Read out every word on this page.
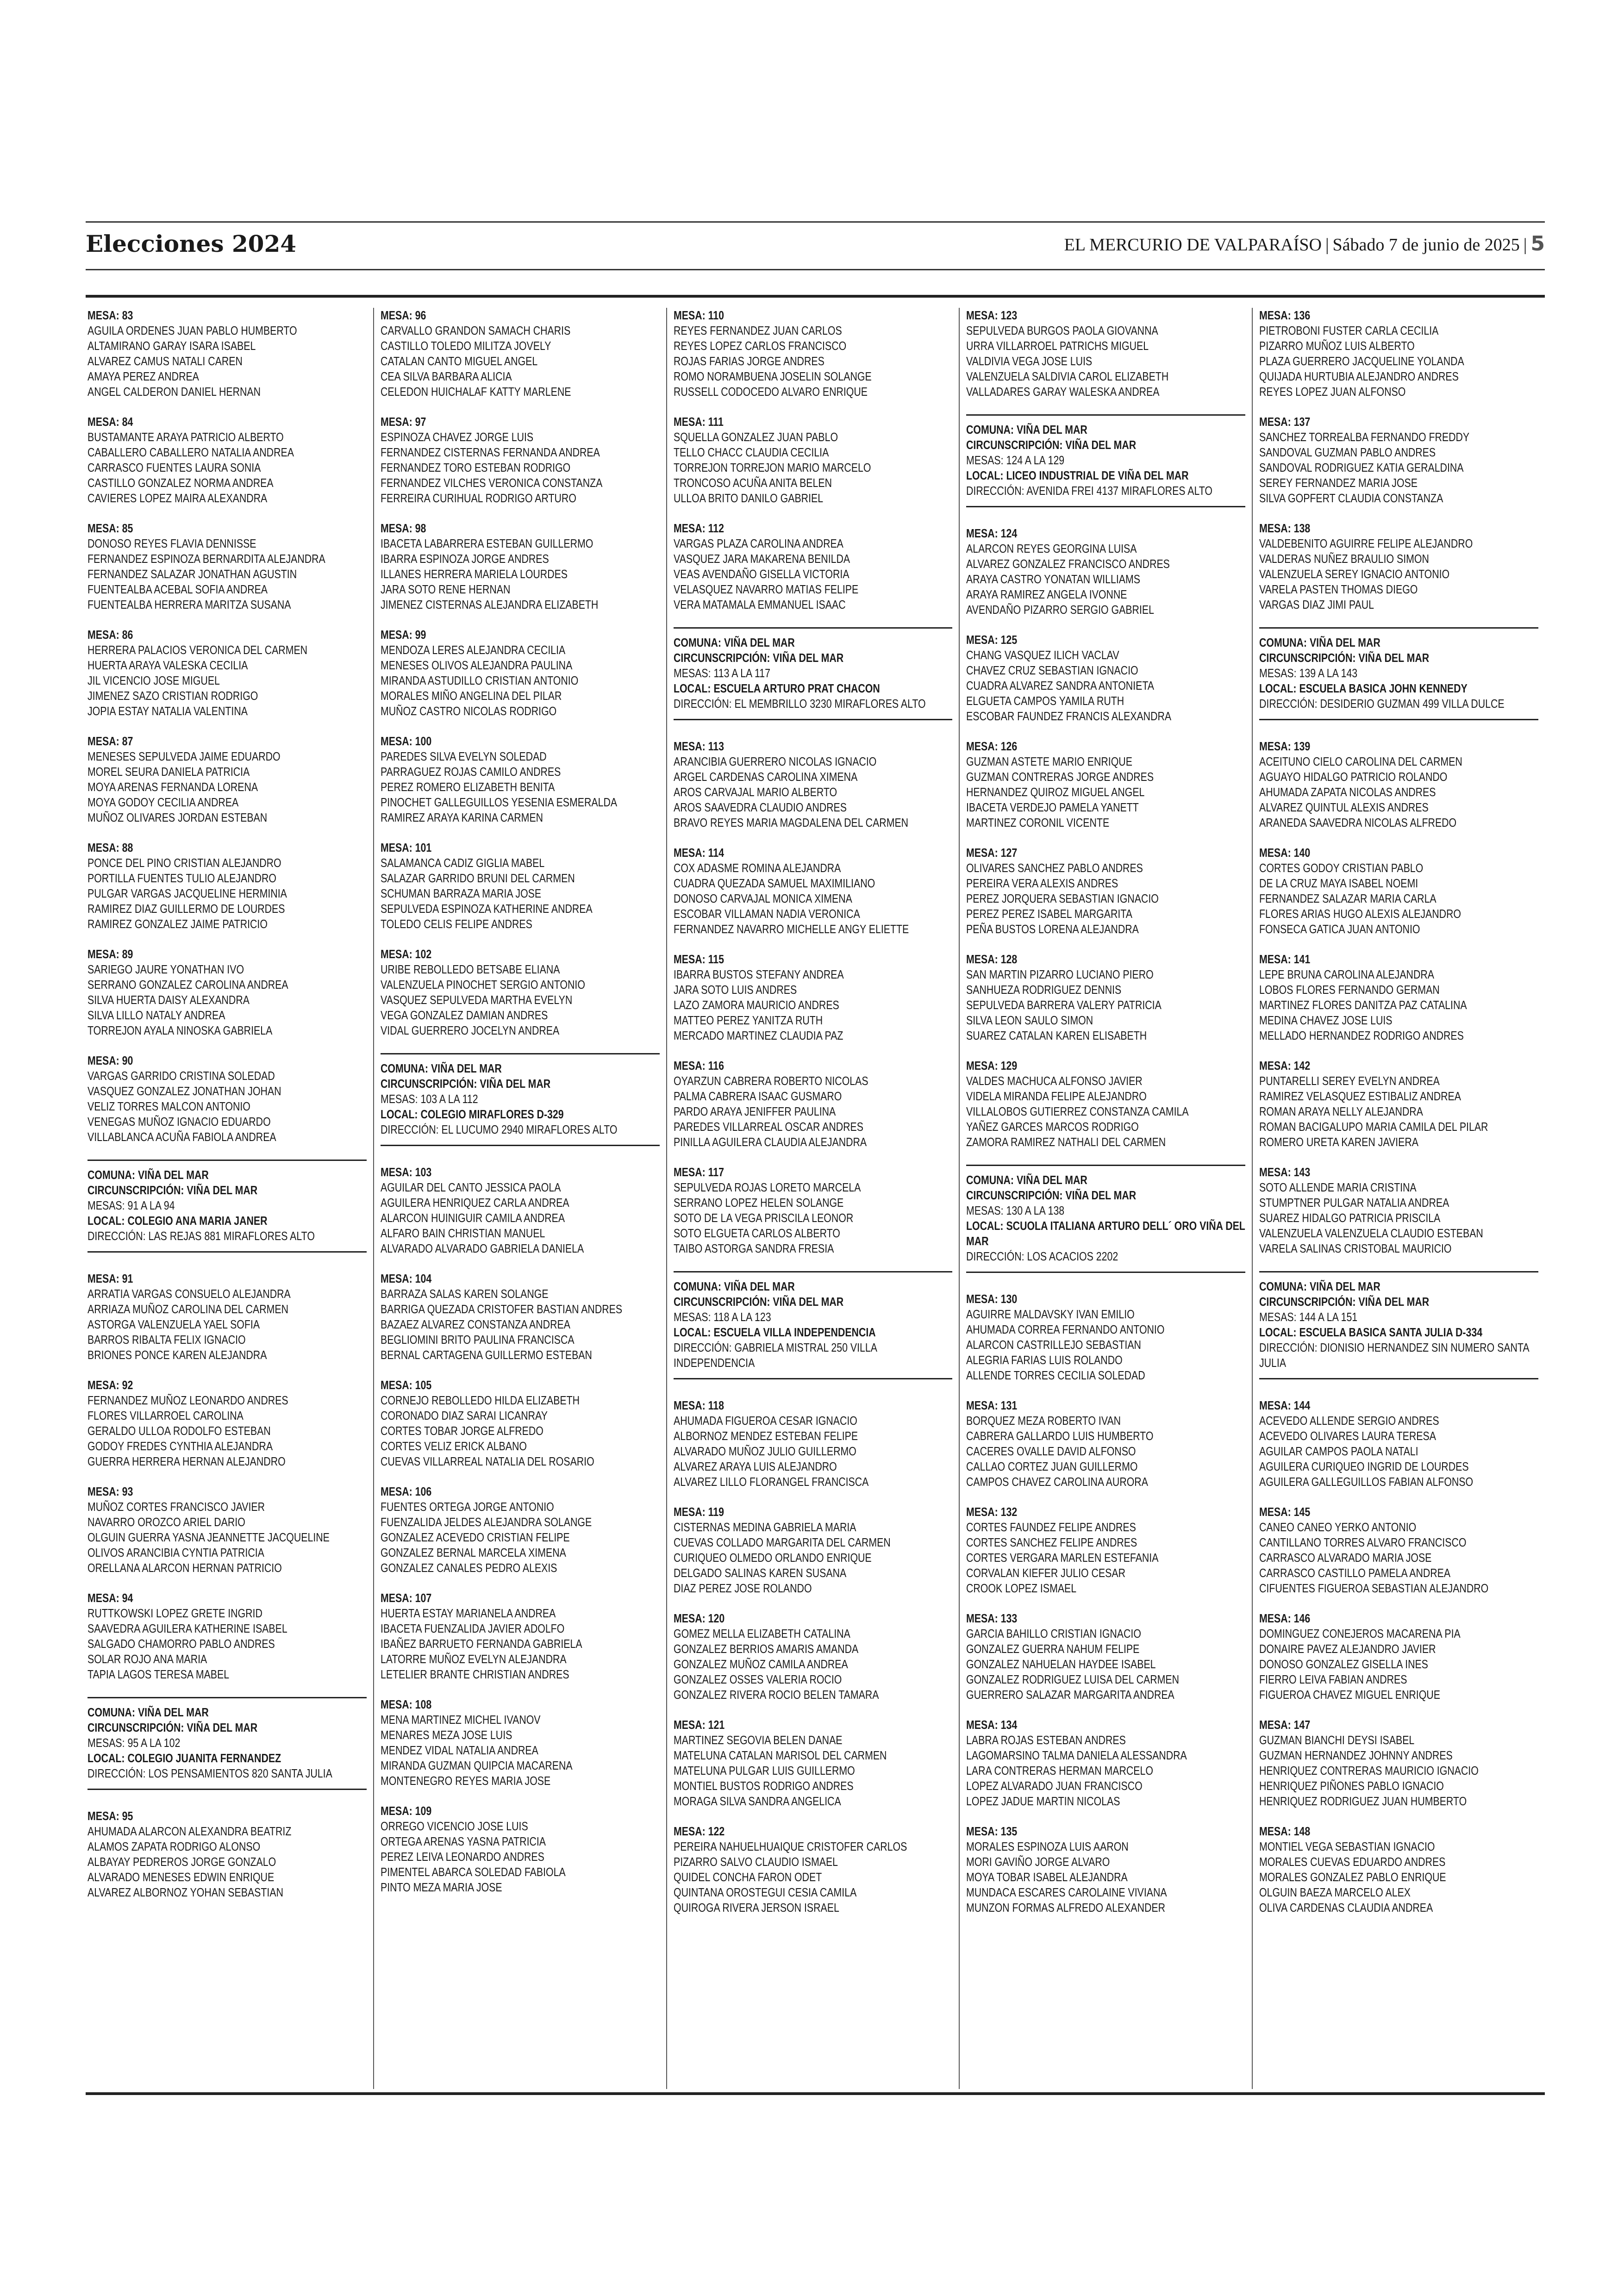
Elecciones 2024	EL MERCURIO DE VALPARAÍSO | Sábado 7 de junio de 2025 | 5
MESA: 83
AGUILA ORDENES JUAN PABLO HUMBERTO
ALTAMIRANO GARAY ISARA ISABEL
ALVAREZ CAMUS NATALI CAREN
AMAYA PEREZ ANDREA
ANGEL CALDERON DANIEL HERNAN
MESA: 84
BUSTAMANTE ARAYA PATRICIO ALBERTO
CABALLERO CABALLERO NATALIA ANDREA
CARRASCO FUENTES LAURA SONIA
CASTILLO GONZALEZ NORMA ANDREA
CAVIERES LOPEZ MAIRA ALEXANDRA
MESA: 85
DONOSO REYES FLAVIA DENNISSE
FERNANDEZ ESPINOZA BERNARDITA ALEJANDRA
FERNANDEZ SALAZAR JONATHAN AGUSTIN
FUENTEALBA ACEBAL SOFIA ANDREA
FUENTEALBA HERRERA MARITZA SUSANA
MESA: 86
HERRERA PALACIOS VERONICA DEL CARMEN
HUERTA ARAYA VALESKA CECILIA
JIL VICENCIO JOSE MIGUEL
JIMENEZ SAZO CRISTIAN RODRIGO
JOPIA ESTAY NATALIA VALENTINA
MESA: 87
MENESES SEPULVEDA JAIME EDUARDO
MOREL SEURA DANIELA PATRICIA
MOYA ARENAS FERNANDA LORENA
MOYA GODOY CECILIA ANDREA
MUÑOZ OLIVARES JORDAN ESTEBAN
MESA: 88
PONCE DEL PINO CRISTIAN ALEJANDRO
PORTILLA FUENTES TULIO ALEJANDRO
PULGAR VARGAS JACQUELINE HERMINIA
RAMIREZ DIAZ GUILLERMO DE LOURDES
RAMIREZ GONZALEZ JAIME PATRICIO
MESA: 89
SARIEGO JAURE YONATHAN IVO
SERRANO GONZALEZ CAROLINA ANDREA
SILVA HUERTA DAISY ALEXANDRA
SILVA LILLO NATALY ANDREA
TORREJON AYALA NINOSKA GABRIELA
MESA: 90
VARGAS GARRIDO CRISTINA SOLEDAD
VASQUEZ GONZALEZ JONATHAN JOHAN
VELIZ TORRES MALCON ANTONIO
VENEGAS MUÑOZ IGNACIO EDUARDO
VILLABLANCA ACUÑA FABIOLA ANDREA
COMUNA: VIÑA DEL MAR
CIRCUNSCRIPCIÓN: VIÑA DEL MAR
MESAS: 91 A LA 94
LOCAL: COLEGIO ANA MARIA JANER
DIRECCIÓN: LAS REJAS 881 MIRAFLORES ALTO
MESA: 91
ARRATIA VARGAS CONSUELO ALEJANDRA
ARRIAZA MUÑOZ CAROLINA DEL CARMEN
ASTORGA VALENZUELA YAEL SOFIA
BARROS RIBALTA FELIX IGNACIO
BRIONES PONCE KAREN ALEJANDRA
MESA: 92
FERNANDEZ MUÑOZ LEONARDO ANDRES
FLORES VILLARROEL CAROLINA
GERALDO ULLOA RODOLFO ESTEBAN
GODOY FREDES CYNTHIA ALEJANDRA
GUERRA HERRERA HERNAN ALEJANDRO
MESA: 93
MUÑOZ CORTES FRANCISCO JAVIER
NAVARRO OROZCO ARIEL DARIO
OLGUIN GUERRA YASNA JEANNETTE JACQUELINE
OLIVOS ARANCIBIA CYNTIA PATRICIA
ORELLANA ALARCON HERNAN PATRICIO
MESA: 94
RUTTKOWSKI LOPEZ GRETE INGRID
SAAVEDRA AGUILERA KATHERINE ISABEL
SALGADO CHAMORRO PABLO ANDRES
SOLAR ROJO ANA MARIA
TAPIA LAGOS TERESA MABEL
COMUNA: VIÑA DEL MAR
CIRCUNSCRIPCIÓN: VIÑA DEL MAR
MESAS: 95 A LA 102
LOCAL: COLEGIO JUANITA FERNANDEZ
DIRECCIÓN: LOS PENSAMIENTOS 820 SANTA JULIA
MESA: 95
AHUMADA ALARCON ALEXANDRA BEATRIZ
ALAMOS ZAPATA RODRIGO ALONSO
ALBAYAY PEDREROS JORGE GONZALO
ALVARADO MENESES EDWIN ENRIQUE
ALVAREZ ALBORNOZ YOHAN SEBASTIAN
MESA: 96
CARVALLO GRANDON SAMACH CHARIS
CASTILLO TOLEDO MILITZA JOVELY
CATALAN CANTO MIGUEL ANGEL
CEA SILVA BARBARA ALICIA
CELEDON HUICHALAF KATTY MARLENE
MESA: 97
ESPINOZA CHAVEZ JORGE LUIS
FERNANDEZ CISTERNAS FERNANDA ANDREA
FERNANDEZ TORO ESTEBAN RODRIGO
FERNANDEZ VILCHES VERONICA CONSTANZA
FERREIRA CURIHUAL RODRIGO ARTURO
MESA: 98
IBACETA LABARRERA ESTEBAN GUILLERMO
IBARRA ESPINOZA JORGE ANDRES
ILLANES HERRERA MARIELA LOURDES
JARA SOTO RENE HERNAN
JIMENEZ CISTERNAS ALEJANDRA ELIZABETH
MESA: 99
MENDOZA LERES ALEJANDRA CECILIA
MENESES OLIVOS ALEJANDRA PAULINA
MIRANDA ASTUDILLO CRISTIAN ANTONIO
MORALES MIÑO ANGELINA DEL PILAR
MUÑOZ CASTRO NICOLAS RODRIGO
MESA: 100
PAREDES SILVA EVELYN SOLEDAD
PARRAGUEZ ROJAS CAMILO ANDRES
PEREZ ROMERO ELIZABETH BENITA
PINOCHET GALLEGUILLOS YESENIA ESMERALDA
RAMIREZ ARAYA KARINA CARMEN
MESA: 101
SALAMANCA CADIZ GIGLIA MABEL
SALAZAR GARRIDO BRUNI DEL CARMEN
SCHUMAN BARRAZA MARIA JOSE
SEPULVEDA ESPINOZA KATHERINE ANDREA
TOLEDO CELIS FELIPE ANDRES
MESA: 102
URIBE REBOLLEDO BETSABE ELIANA
VALENZUELA PINOCHET SERGIO ANTONIO
VASQUEZ SEPULVEDA MARTHA EVELYN
VEGA GONZALEZ DAMIAN ANDRES
VIDAL GUERRERO JOCELYN ANDREA
COMUNA: VIÑA DEL MAR
CIRCUNSCRIPCIÓN: VIÑA DEL MAR
MESAS: 103 A LA 112
LOCAL: COLEGIO MIRAFLORES D-329
DIRECCIÓN: EL LUCUMO 2940 MIRAFLORES ALTO
MESA: 103
AGUILAR DEL CANTO JESSICA PAOLA
AGUILERA HENRIQUEZ CARLA ANDREA
ALARCON HUINIGUIR CAMILA ANDREA
ALFARO BAIN CHRISTIAN MANUEL
ALVARADO ALVARADO GABRIELA DANIELA
MESA: 104
BARRAZA SALAS KAREN SOLANGE
BARRIGA QUEZADA CRISTOFER BASTIAN ANDRES
BAZAEZ ALVAREZ CONSTANZA ANDREA
BEGLIOMINI BRITO PAULINA FRANCISCA
BERNAL CARTAGENA GUILLERMO ESTEBAN
MESA: 105
CORNEJO REBOLLEDO HILDA ELIZABETH
CORONADO DIAZ SARAI LICANRAY
CORTES TOBAR JORGE ALFREDO
CORTES VELIZ ERICK ALBANO
CUEVAS VILLARREAL NATALIA DEL ROSARIO
MESA: 106
FUENTES ORTEGA JORGE ANTONIO
FUENZALIDA JELDES ALEJANDRA SOLANGE
GONZALEZ ACEVEDO CRISTIAN FELIPE
GONZALEZ BERNAL MARCELA XIMENA
GONZALEZ CANALES PEDRO ALEXIS
MESA: 107
HUERTA ESTAY MARIANELA ANDREA
IBACETA FUENZALIDA JAVIER ADOLFO
IBAÑEZ BARRUETO FERNANDA GABRIELA
LATORRE MUÑOZ EVELYN ALEJANDRA
LETELIER BRANTE CHRISTIAN ANDRES
MESA: 108
MENA MARTINEZ MICHEL IVANOV
MENARES MEZA JOSE LUIS
MENDEZ VIDAL NATALIA ANDREA
MIRANDA GUZMAN QUIPCIA MACARENA
MONTENEGRO REYES MARIA JOSE
MESA: 109
ORREGO VICENCIO JOSE LUIS
ORTEGA ARENAS YASNA PATRICIA
PEREZ LEIVA LEONARDO ANDRES
PIMENTEL ABARCA SOLEDAD FABIOLA
PINTO MEZA MARIA JOSE
MESA: 110
REYES FERNANDEZ JUAN CARLOS
REYES LOPEZ CARLOS FRANCISCO
ROJAS FARIAS JORGE ANDRES
ROMO NORAMBUENA JOSELIN SOLANGE
RUSSELL CODOCEDO ALVARO ENRIQUE
MESA: 111
SQUELLA GONZALEZ JUAN PABLO
TELLO CHACC CLAUDIA CECILIA
TORREJON TORREJON MARIO MARCELO
TRONCOSO ACUÑA ANITA BELEN
ULLOA BRITO DANILO GABRIEL
MESA: 112
VARGAS PLAZA CAROLINA ANDREA
VASQUEZ JARA MAKARENA BENILDA
VEAS AVENDAÑO GISELLA VICTORIA
VELASQUEZ NAVARRO MATIAS FELIPE
VERA MATAMALA EMMANUEL ISAAC
COMUNA: VIÑA DEL MAR
CIRCUNSCRIPCIÓN: VIÑA DEL MAR
MESAS: 113 A LA 117
LOCAL: ESCUELA ARTURO PRAT CHACON
DIRECCIÓN: EL MEMBRILLO 3230 MIRAFLORES ALTO
MESA: 113
ARANCIBIA GUERRERO NICOLAS IGNACIO
ARGEL CARDENAS CAROLINA XIMENA
AROS CARVAJAL MARIO ALBERTO
AROS SAAVEDRA CLAUDIO ANDRES
BRAVO REYES MARIA MAGDALENA DEL CARMEN
MESA: 114
COX ADASME ROMINA ALEJANDRA
CUADRA QUEZADA SAMUEL MAXIMILIANO
DONOSO CARVAJAL MONICA XIMENA
ESCOBAR VILLAMAN NADIA VERONICA
FERNANDEZ NAVARRO MICHELLE ANGY ELIETTE
MESA: 115
IBARRA BUSTOS STEFANY ANDREA
JARA SOTO LUIS ANDRES
LAZO ZAMORA MAURICIO ANDRES
MATTEO PEREZ YANITZA RUTH
MERCADO MARTINEZ CLAUDIA PAZ
MESA: 116
OYARZUN CABRERA ROBERTO NICOLAS
PALMA CABRERA ISAAC GUSMARO
PARDO ARAYA JENIFFER PAULINA
PAREDES VILLARREAL OSCAR ANDRES
PINILLA AGUILERA CLAUDIA ALEJANDRA
MESA: 117
SEPULVEDA ROJAS LORETO MARCELA
SERRANO LOPEZ HELEN SOLANGE
SOTO DE LA VEGA PRISCILA LEONOR
SOTO ELGUETA CARLOS ALBERTO
TAIBO ASTORGA SANDRA FRESIA
COMUNA: VIÑA DEL MAR
CIRCUNSCRIPCIÓN: VIÑA DEL MAR
MESAS: 118 A LA 123
LOCAL: ESCUELA VILLA INDEPENDENCIA
DIRECCIÓN: GABRIELA MISTRAL 250 VILLA INDEPENDENCIA
MESA: 118
AHUMADA FIGUEROA CESAR IGNACIO
ALBORNOZ MENDEZ ESTEBAN FELIPE
ALVARADO MUÑOZ JULIO GUILLERMO
ALVAREZ ARAYA LUIS ALEJANDRO
ALVAREZ LILLO FLORANGEL FRANCISCA
MESA: 119
CISTERNAS MEDINA GABRIELA MARIA
CUEVAS COLLADO MARGARITA DEL CARMEN
CURIQUEO OLMEDO ORLANDO ENRIQUE
DELGADO SALINAS KAREN SUSANA
DIAZ PEREZ JOSE ROLANDO
MESA: 120
GOMEZ MELLA ELIZABETH CATALINA
GONZALEZ BERRIOS AMARIS AMANDA
GONZALEZ MUÑOZ CAMILA ANDREA
GONZALEZ OSSES VALERIA ROCIO
GONZALEZ RIVERA ROCIO BELEN TAMARA
MESA: 121
MARTINEZ SEGOVIA BELEN DANAE
MATELUNA CATALAN MARISOL DEL CARMEN
MATELUNA PULGAR LUIS GUILLERMO
MONTIEL BUSTOS RODRIGO ANDRES
MORAGA SILVA SANDRA ANGELICA
MESA: 122
PEREIRA NAHUELHUAIQUE CRISTOFER CARLOS
PIZARRO SALVO CLAUDIO ISMAEL
QUIDEL CONCHA FARON ODET
QUINTANA OROSTEGUI CESIA CAMILA
QUIROGA RIVERA JERSON ISRAEL
MESA: 123
SEPULVEDA BURGOS PAOLA GIOVANNA
URRA VILLARROEL PATRICHS MIGUEL
VALDIVIA VEGA JOSE LUIS
VALENZUELA SALDIVIA CAROL ELIZABETH
VALLADARES GARAY WALESKA ANDREA
COMUNA: VIÑA DEL MAR
CIRCUNSCRIPCIÓN: VIÑA DEL MAR
MESAS: 124 A LA 129
LOCAL: LICEO INDUSTRIAL DE VIÑA DEL MAR
DIRECCIÓN: AVENIDA FREI 4137 MIRAFLORES ALTO
MESA: 124
ALARCON REYES GEORGINA LUISA
ALVAREZ GONZALEZ FRANCISCO ANDRES
ARAYA CASTRO YONATAN WILLIAMS
ARAYA RAMIREZ ANGELA IVONNE
AVENDAÑO PIZARRO SERGIO GABRIEL
MESA: 125
CHANG VASQUEZ ILICH VACLAV
CHAVEZ CRUZ SEBASTIAN IGNACIO
CUADRA ALVAREZ SANDRA ANTONIETA
ELGUETA CAMPOS YAMILA RUTH
ESCOBAR FAUNDEZ FRANCIS ALEXANDRA
MESA: 126
GUZMAN ASTETE MARIO ENRIQUE
GUZMAN CONTRERAS JORGE ANDRES
HERNANDEZ QUIROZ MIGUEL ANGEL
IBACETA VERDEJO PAMELA YANETT
MARTINEZ CORONIL VICENTE
MESA: 127
OLIVARES SANCHEZ PABLO ANDRES
PEREIRA VERA ALEXIS ANDRES
PEREZ JORQUERA SEBASTIAN IGNACIO
PEREZ PEREZ ISABEL MARGARITA
PEÑA BUSTOS LORENA ALEJANDRA
MESA: 128
SAN MARTIN PIZARRO LUCIANO PIERO
SANHUEZA RODRIGUEZ DENNIS
SEPULVEDA BARRERA VALERY PATRICIA
SILVA LEON SAULO SIMON
SUAREZ CATALAN KAREN ELISABETH
MESA: 129
VALDES MACHUCA ALFONSO JAVIER
VIDELA MIRANDA FELIPE ALEJANDRO
VILLALOBOS GUTIERREZ CONSTANZA CAMILA
YAÑEZ GARCES MARCOS RODRIGO
ZAMORA RAMIREZ NATHALI DEL CARMEN
COMUNA: VIÑA DEL MAR
CIRCUNSCRIPCIÓN: VIÑA DEL MAR
MESAS: 130 A LA 138
LOCAL: SCUOLA ITALIANA ARTURO DELL´ ORO VIÑA DEL MAR
DIRECCIÓN: LOS ACACIOS 2202
MESA: 130
AGUIRRE MALDAVSKY IVAN EMILIO
AHUMADA CORREA FERNANDO ANTONIO
ALARCON CASTRILLEJO SEBASTIAN
ALEGRIA FARIAS LUIS ROLANDO
ALLENDE TORRES CECILIA SOLEDAD
MESA: 131
BORQUEZ MEZA ROBERTO IVAN
CABRERA GALLARDO LUIS HUMBERTO
CACERES OVALLE DAVID ALFONSO
CALLAO CORTEZ JUAN GUILLERMO
CAMPOS CHAVEZ CAROLINA AURORA
MESA: 132
CORTES FAUNDEZ FELIPE ANDRES
CORTES SANCHEZ FELIPE ANDRES
CORTES VERGARA MARLEN ESTEFANIA
CORVALAN KIEFER JULIO CESAR
CROOK LOPEZ ISMAEL
MESA: 133
GARCIA BAHILLO CRISTIAN IGNACIO
GONZALEZ GUERRA NAHUM FELIPE
GONZALEZ NAHUELAN HAYDEE ISABEL
GONZALEZ RODRIGUEZ LUISA DEL CARMEN
GUERRERO SALAZAR MARGARITA ANDREA
MESA: 134
LABRA ROJAS ESTEBAN ANDRES
LAGOMARSINO TALMA DANIELA ALESSANDRA
LARA CONTRERAS HERMAN MARCELO
LOPEZ ALVARADO JUAN FRANCISCO
LOPEZ JADUE MARTIN NICOLAS
MESA: 135
MORALES ESPINOZA LUIS AARON
MORI GAVIÑO JORGE ALVARO
MOYA TOBAR ISABEL ALEJANDRA
MUNDACA ESCARES CAROLAINE VIVIANA
MUNZON FORMAS ALFREDO ALEXANDER
MESA: 136
PIETROBONI FUSTER CARLA CECILIA
PIZARRO MUÑOZ LUIS ALBERTO
PLAZA GUERRERO JACQUELINE YOLANDA
QUIJADA HURTUBIA ALEJANDRO ANDRES
REYES LOPEZ JUAN ALFONSO
MESA: 137
SANCHEZ TORREALBA FERNANDO FREDDY
SANDOVAL GUZMAN PABLO ANDRES
SANDOVAL RODRIGUEZ KATIA GERALDINA
SEREY FERNANDEZ MARIA JOSE
SILVA GOPFERT CLAUDIA CONSTANZA
MESA: 138
VALDEBENITO AGUIRRE FELIPE ALEJANDRO
VALDERAS NUÑEZ BRAULIO SIMON
VALENZUELA SEREY IGNACIO ANTONIO
VARELA PASTEN THOMAS DIEGO
VARGAS DIAZ JIMI PAUL
COMUNA: VIÑA DEL MAR
CIRCUNSCRIPCIÓN: VIÑA DEL MAR
MESAS: 139 A LA 143
LOCAL: ESCUELA BASICA JOHN KENNEDY
DIRECCIÓN: DESIDERIO GUZMAN 499 VILLA DULCE
MESA: 139
ACEITUNO CIELO CAROLINA DEL CARMEN
AGUAYO HIDALGO PATRICIO ROLANDO
AHUMADA ZAPATA NICOLAS ANDRES
ALVAREZ QUINTUL ALEXIS ANDRES
ARANEDA SAAVEDRA NICOLAS ALFREDO
MESA: 140
CORTES GODOY CRISTIAN PABLO
DE LA CRUZ MAYA ISABEL NOEMI
FERNANDEZ SALAZAR MARIA CARLA
FLORES ARIAS HUGO ALEXIS ALEJANDRO
FONSECA GATICA JUAN ANTONIO
MESA: 141
LEPE BRUNA CAROLINA ALEJANDRA
LOBOS FLORES FERNANDO GERMAN
MARTINEZ FLORES DANITZA PAZ CATALINA
MEDINA CHAVEZ JOSE LUIS
MELLADO HERNANDEZ RODRIGO ANDRES
MESA: 142
PUNTARELLI SEREY EVELYN ANDREA
RAMIREZ VELASQUEZ ESTIBALIZ ANDREA
ROMAN ARAYA NELLY ALEJANDRA
ROMAN BACIGALUPO MARIA CAMILA DEL PILAR
ROMERO URETA KAREN JAVIERA
MESA: 143
SOTO ALLENDE MARIA CRISTINA
STUMPTNER PULGAR NATALIA ANDREA
SUAREZ HIDALGO PATRICIA PRISCILA
VALENZUELA VALENZUELA CLAUDIO ESTEBAN
VARELA SALINAS CRISTOBAL MAURICIO
COMUNA: VIÑA DEL MAR
CIRCUNSCRIPCIÓN: VIÑA DEL MAR
MESAS: 144 A LA 151
LOCAL: ESCUELA BASICA SANTA JULIA D-334
DIRECCIÓN: DIONISIO HERNANDEZ SIN NUMERO SANTA JULIA
MESA: 144
ACEVEDO ALLENDE SERGIO ANDRES
ACEVEDO OLIVARES LAURA TERESA
AGUILAR CAMPOS PAOLA NATALI
AGUILERA CURIQUEO INGRID DE LOURDES
AGUILERA GALLEGUILLOS FABIAN ALFONSO
MESA: 145
CANEO CANEO YERKO ANTONIO
CANTILLANO TORRES ALVARO FRANCISCO
CARRASCO ALVARADO MARIA JOSE
CARRASCO CASTILLO PAMELA ANDREA
CIFUENTES FIGUEROA SEBASTIAN ALEJANDRO
MESA: 146
DOMINGUEZ CONEJEROS MACARENA PIA
DONAIRE PAVEZ ALEJANDRO JAVIER
DONOSO GONZALEZ GISELLA INES
FIERRO LEIVA FABIAN ANDRES
FIGUEROA CHAVEZ MIGUEL ENRIQUE
MESA: 147
GUZMAN BIANCHI DEYSI ISABEL
GUZMAN HERNANDEZ JOHNNY ANDRES
HENRIQUEZ CONTRERAS MAURICIO IGNACIO
HENRIQUEZ PIÑONES PABLO IGNACIO
HENRIQUEZ RODRIGUEZ JUAN HUMBERTO
MESA: 148
MONTIEL VEGA SEBASTIAN IGNACIO
MORALES CUEVAS EDUARDO ANDRES
MORALES GONZALEZ PABLO ENRIQUE
OLGUIN BAEZA MARCELO ALEX
OLIVA CARDENAS CLAUDIA ANDREA
